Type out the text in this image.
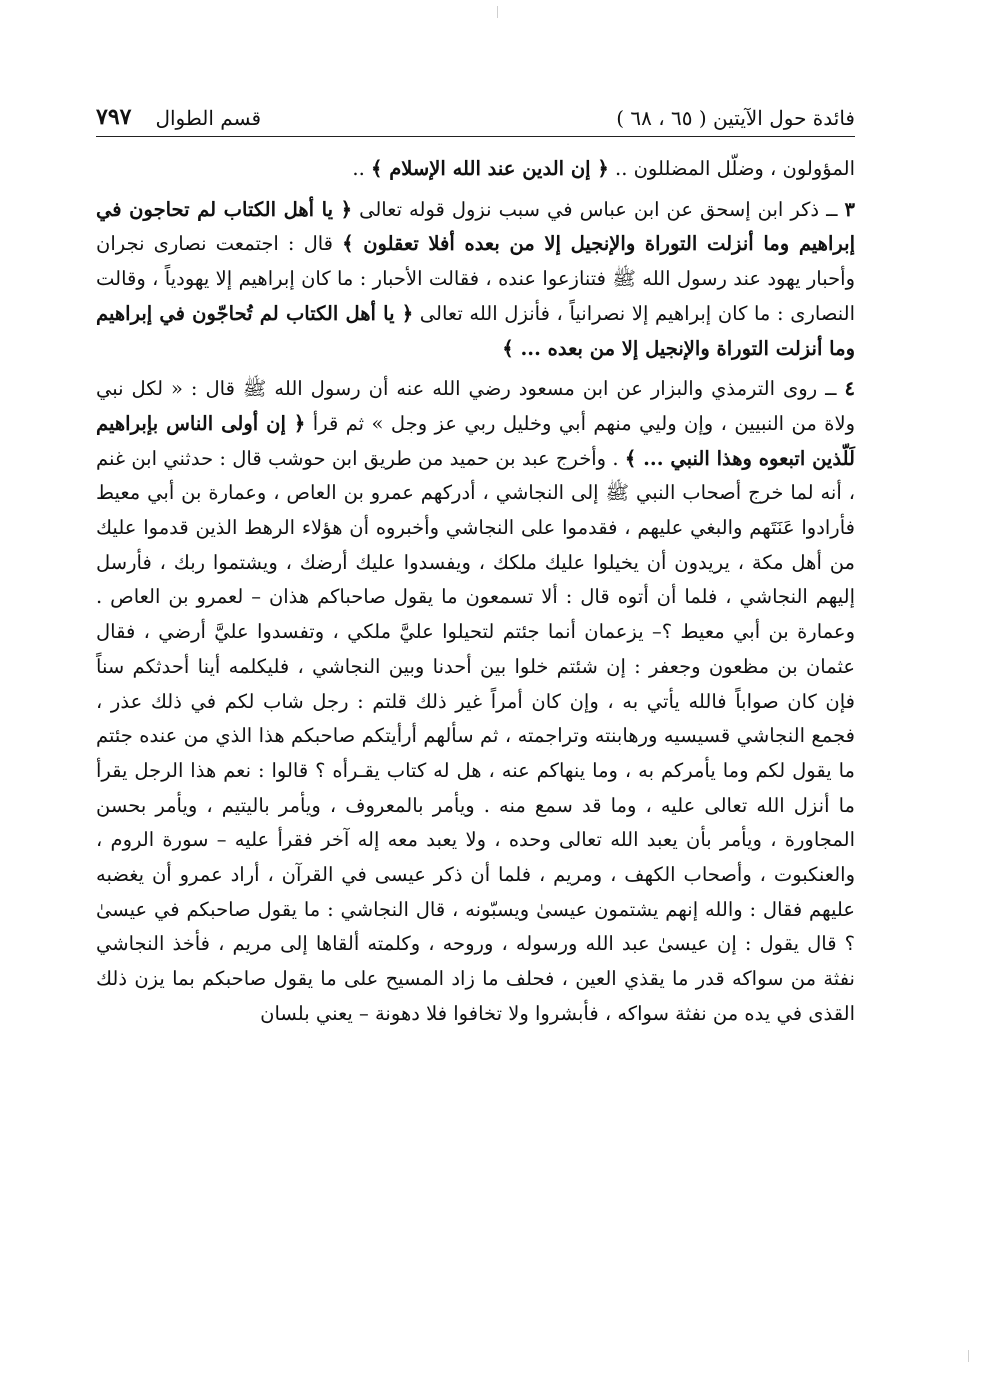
فائدة حول الآيتين ( ٦٥ ، ٦٨ )
قسم الطوال
٧٩٧

المؤولون ، وضلّل المضللون .. ﴿ إن الدين عند الله الإسلام ﴾ ..

٣ ــ ذكر ابن إسحق عن ابن عباس في سبب نزول قوله تعالى ﴿ يا أهل الكتاب لم تحاجون في إبراهيم وما أنزلت التوراة والإنجيل إلا من بعده أفلا تعقلون ﴾ قال : اجتمعت نصارى نجران وأحبار يهود عند رسول الله ﷺ فتنازعوا عنده ، فقالت الأحبار : ما كان إبراهيم إلا يهودياً ، وقالت النصارى : ما كان إبراهيم إلا نصرانياً ، فأنزل الله تعالى ﴿ يا أهل الكتاب لم تُحاجّون في إبراهيم وما أنزلت التوراة والإنجيل إلا من بعده ... ﴾

٤ ــ روى الترمذي والبزار عن ابن مسعود رضي الله عنه أن رسول الله ﷺ قال : « لكل نبي ولاة من النبيين ، وإن وليي منهم أبي وخليل ربي عز وجل » ثم قرأ ﴿ إن أولى الناس بإبراهيم لَلّذين اتبعوه وهذا النبي ... ﴾ . وأخرج عبد بن حميد من طريق ابن حوشب قال : حدثني ابن غنم ، أنه لما خرج أصحاب النبي ﷺ إلى النجاشي ، أدركهم عمرو بن العاص ، وعمارة بن أبي معيط فأرادوا عَنَتَهم والبغي عليهم ، فقدموا على النجاشي وأخبروه أن هؤلاء الرهط الذين قدموا عليك من أهل مكة ، يريدون أن يخيلوا عليك ملكك ، ويفسدوا عليك أرضك ، ويشتموا ربك ، فأرسل إليهم النجاشي ، فلما أن أتوه قال : ألا تسمعون ما يقول صاحباكم هذان – لعمرو بن العاص . وعمارة بن أبي معيط ؟– يزعمان أنما جئتم لتحيلوا عليَّ ملكي ، وتفسدوا عليَّ أرضي ، فقال عثمان بن مظعون وجعفر : إن شئتم خلوا بين أحدنا وبين النجاشي ، فليكلمه أينا أحدثكم سناً فإن كان صواباً فالله يأتي به ، وإن كان أمراً غير ذلك قلتم : رجل شاب لكم في ذلك عذر ، فجمع النجاشي قسيسيه ورهابنته وتراجمته ، ثم سألهم أرأيتكم صاحبكم هذا الذي من عنده جئتم ما يقول لكم وما يأمركم به ، وما ينهاكم عنه ، هل له كتاب يقـرأه ؟ قالوا : نعم هذا الرجل يقرأ ما أنزل الله تعالى عليه ، وما قد سمع منه . ويأمر بالمعروف ، ويأمر باليتيم ، ويأمر بحسن المجاورة ، ويأمر بأن يعبد الله تعالى وحده ، ولا يعبد معه إله آخر فقرأ عليه – سورة الروم ، والعنكبوت ، وأصحاب الكهف ، ومريم ، فلما أن ذكر عيسى في القرآن ، أراد عمرو أن يغضبه عليهم فقال : والله إنهم يشتمون عيسىٰ ويسبّونه ، قال النجاشي : ما يقول صاحبكم في عيسىٰ ؟ قال يقول : إن عيسىٰ عبد الله ورسوله ، وروحه ، وكلمته ألقاها إلى مريم ، فأخذ النجاشي نفثة من سواكه قدر ما يقذي العين ، فحلف ما زاد المسيح على ما يقول صاحبكم بما يزن ذلك القذى في يده من نفثة سواكه ، فأبشروا ولا تخافوا فلا دهونة – يعني بلسان
